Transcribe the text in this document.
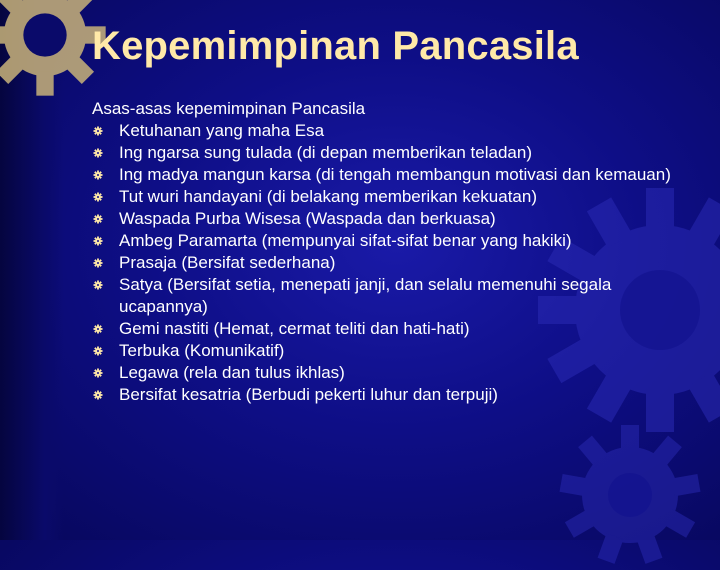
Kepemimpinan Pancasila

Asas-asas kepemimpinan Pancasila

Ketuhanan yang maha Esa
Ing ngarsa sung tulada (di depan memberikan teladan)
Ing madya mangun karsa (di tengah membangun motivasi dan kemauan)
Tut wuri handayani (di belakang memberikan kekuatan)
Waspada Purba Wisesa (Waspada dan berkuasa)
Ambeg Paramarta (mempunyai sifat-sifat benar yang hakiki)
Prasaja (Bersifat sederhana)
Satya (Bersifat setia, menepati janji, dan selalu memenuhi segala ucapannya)
Gemi nastiti (Hemat, cermat teliti dan hati-hati)
Terbuka (Komunikatif)
Legawa (rela dan tulus ikhlas)
Bersifat kesatria (Berbudi pekerti luhur dan terpuji)
